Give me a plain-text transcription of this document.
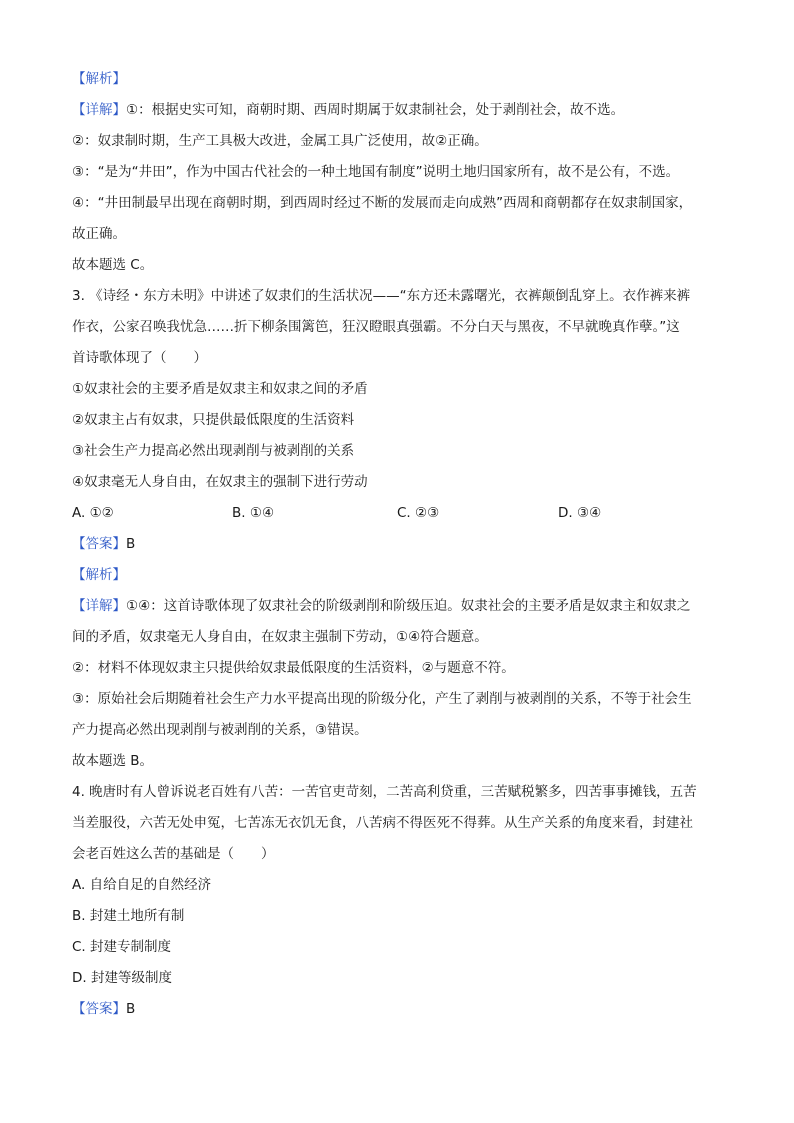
【解析】
【详解】①：根据史实可知，商朝时期、西周时期属于奴隶制社会，处于剥削社会，故不选。
②：奴隶制时期，生产工具极大改进，金属工具广泛使用，故②正确。
③：“是为“井田”，作为中国古代社会的一种土地国有制度”说明土地归国家所有，故不是公有，不选。
④：“井田制最早出现在商朝时期，到西周时经过不断的发展而走向成熟”西周和商朝都存在奴隶制国家，
故正确。
故本题选 C。
3. 《诗经・东方未明》中讲述了奴隶们的生活状况——“东方还未露曙光，衣裤颠倒乱穿上。衣作裤来裤
作衣，公家召唤我忧急……折下柳条围篱笆，狂汉瞪眼真强霸。不分白天与黑夜，不早就晚真作孽。”这
首诗歌体现了（　　）
①奴隶社会的主要矛盾是奴隶主和奴隶之间的矛盾
②奴隶主占有奴隶，只提供最低限度的生活资料
③社会生产力提高必然出现剥削与被剥削的关系
④奴隶毫无人身自由，在奴隶主的强制下进行劳动
A. ①②	B. ①④	C. ②③	D. ③④
【答案】B
【解析】
【详解】①④：这首诗歌体现了奴隶社会的阶级剥削和阶级压迫。奴隶社会的主要矛盾是奴隶主和奴隶之
间的矛盾，奴隶毫无人身自由，在奴隶主强制下劳动，①④符合题意。
②：材料不体现奴隶主只提供给奴隶最低限度的生活资料，②与题意不符。
③：原始社会后期随着社会生产力水平提高出现的阶级分化，产生了剥削与被剥削的关系，不等于社会生
产力提高必然出现剥削与被剥削的关系，③错误。
故本题选 B。
4. 晚唐时有人曾诉说老百姓有八苦：一苦官吏苛刻，二苦高利贷重，三苦赋税繁多，四苦事事摊钱，五苦
当差服役，六苦无处申冤，七苦冻无衣饥无食，八苦病不得医死不得葬。从生产关系的角度来看，封建社
会老百姓这么苦的基础是（　　）
A. 自给自足的自然经济
B. 封建土地所有制
C. 封建专制制度
D. 封建等级制度
【答案】B
